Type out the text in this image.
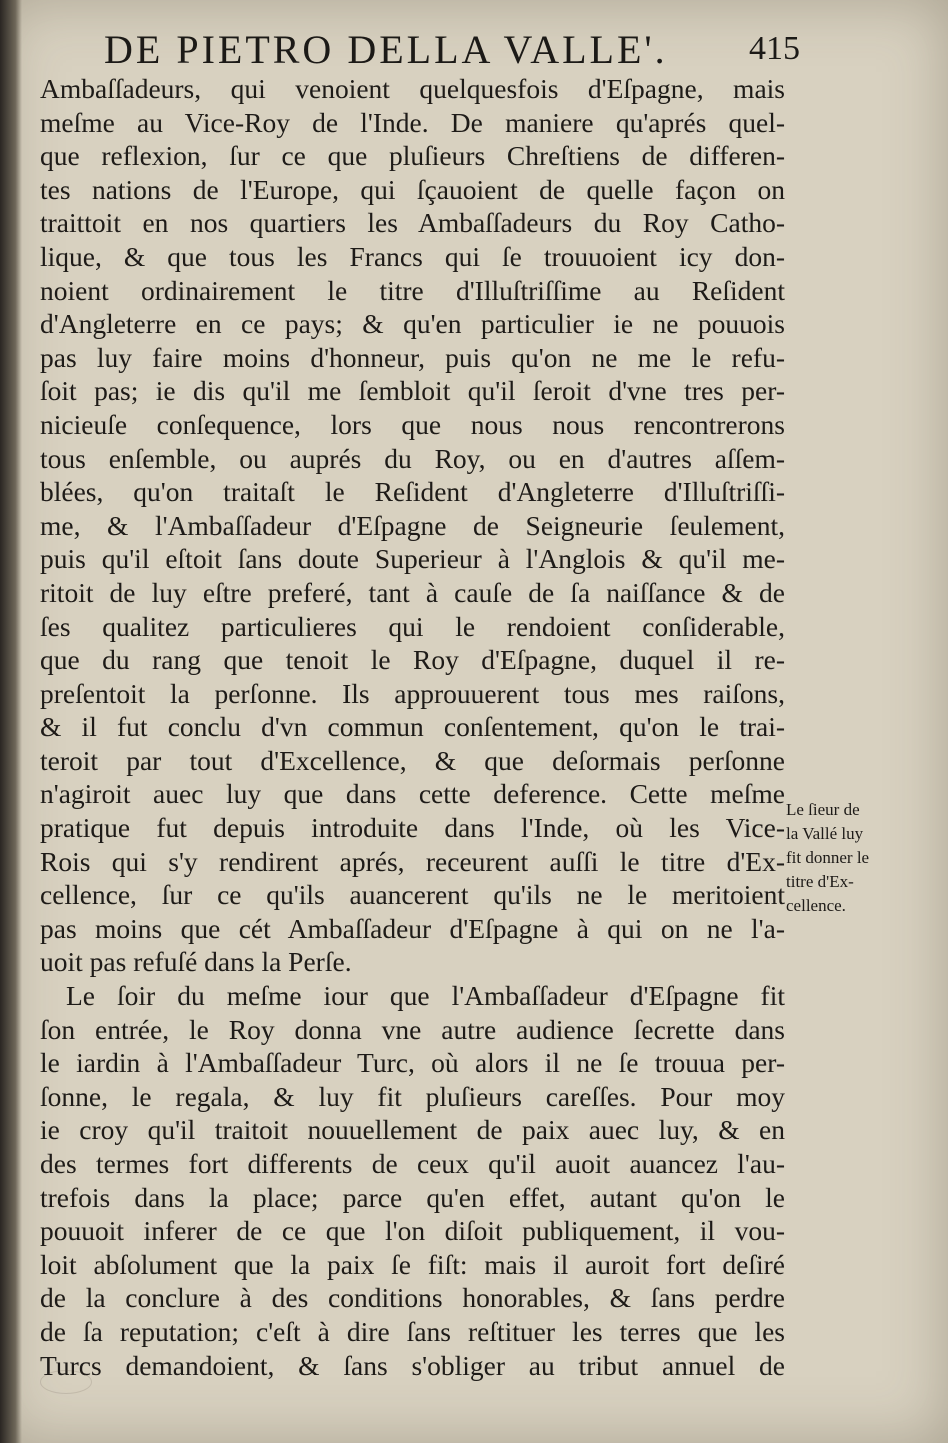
DE PIETRO DELLA VALLE'. 415
Ambaſſadeurs, qui venoient quelquesfois d'Eſpagne, mais
meſme au Vice-Roy de l'Inde. De maniere qu'aprés quel-
que reflexion, ſur ce que pluſieurs Chreſtiens de differen-
tes nations de l'Europe, qui ſçauoient de quelle façon on
traittoit en nos quartiers les Ambaſſadeurs du Roy Catho-
lique, & que tous les Francs qui ſe trouuoient icy don-
noient ordinairement le titre d'Illuſtriſſime au Reſident
d'Angleterre en ce pays; & qu'en particulier ie ne pouuois
pas luy faire moins d'honneur, puis qu'on ne me le refu-
ſoit pas; ie dis qu'il me ſembloit qu'il ſeroit d'vne tres per-
nicieuſe conſequence, lors que nous nous rencontrerons
tous enſemble, ou auprés du Roy, ou en d'autres aſſem-
blées, qu'on traitaſt le Reſident d'Angleterre d'Illuſtriſſi-
me, & l'Ambaſſadeur d'Eſpagne de Seigneurie ſeulement,
puis qu'il eſtoit ſans doute Superieur à l'Anglois & qu'il me-
ritoit de luy eſtre preferé, tant à cauſe de ſa naiſſance & de
ſes qualitez particulieres qui le rendoient conſiderable,
que du rang que tenoit le Roy d'Eſpagne, duquel il re-
preſentoit la perſonne. Ils approuuerent tous mes raiſons,
& il fut conclu d'vn commun conſentement, qu'on le trai-
teroit par tout d'Excellence, & que deſormais perſonne
n'agiroit auec luy que dans cette deference. Cette meſme
pratique fut depuis introduite dans l'Inde, où les Vice-
Rois qui s'y rendirent aprés, receurent auſſi le titre d'Ex-
cellence, ſur ce qu'ils auancerent qu'ils ne le meritoient
pas moins que cét Ambaſſadeur d'Eſpagne à qui on ne l'a-
uoit pas refuſé dans la Perſe.
Le ſoir du meſme iour que l'Ambaſſadeur d'Eſpagne fit
ſon entrée, le Roy donna vne autre audience ſecrette dans
le iardin à l'Ambaſſadeur Turc, où alors il ne ſe trouua per-
ſonne, le regala, & luy fit pluſieurs careſſes. Pour moy
ie croy qu'il traitoit nouuellement de paix auec luy, & en
des termes fort differents de ceux qu'il auoit auancez l'au-
trefois dans la place; parce qu'en effet, autant qu'on le
pouuoit inferer de ce que l'on diſoit publiquement, il vou-
loit abſolument que la paix ſe fiſt: mais il auroit fort deſiré
de la conclure à des conditions honorables, & ſans perdre
de ſa reputation; c'eſt à dire ſans reſtituer les terres que les
Turcs demandoient, & ſans s'obliger au tribut annuel de
Le ſieur de
la Vallé luy
fit donner le
titre d'Ex-
cellence.
